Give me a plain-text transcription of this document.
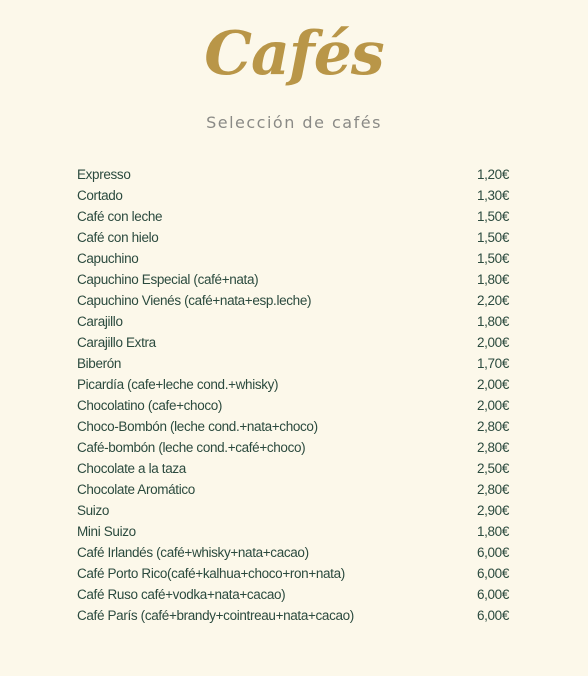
Cafés
Selección de cafés
Expresso	1,20€
Cortado	1,30€
Café con leche	1,50€
Café con hielo	1,50€
Capuchino	1,50€
Capuchino Especial (café+nata)	1,80€
Capuchino Vienés (café+nata+esp.leche)	2,20€
Carajillo	1,80€
Carajillo Extra	2,00€
Biberón	1,70€
Picardía (cafe+leche cond.+whisky)	2,00€
Chocolatino (cafe+choco)	2,00€
Choco-Bombón (leche cond.+nata+choco)	2,80€
Café-bombón (leche cond.+café+choco)	2,80€
Chocolate a la taza	2,50€
Chocolate Aromático	2,80€
Suizo	2,90€
Mini Suizo	1,80€
Café Irlandés (café+whisky+nata+cacao)	6,00€
Café Porto Rico(café+kalhua+choco+ron+nata)	6,00€
Café Ruso café+vodka+nata+cacao)	6,00€
Café París (café+brandy+cointreau+nata+cacao)	6,00€
